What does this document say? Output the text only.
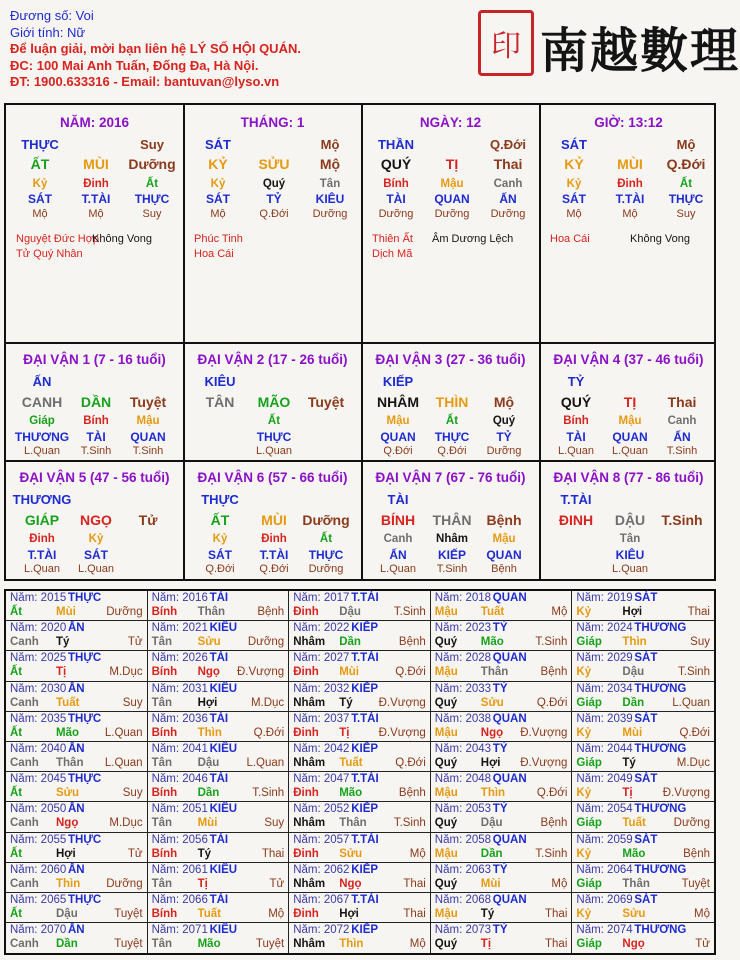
Đương số: Voi
Giới tính: Nữ
Để luận giải, mời bạn liên hệ LÝ SỐ HỘI QUÁN.
ĐC: 100 Mai Anh Tuấn, Đống Đa, Hà Nội.
ĐT: 1900.633316 - Email: bantuvan@lyso.vn
印 南越數理
NĂM: 2016
THỰC	Suy
ẤT MÙI Dưỡng
Kỷ	Đinh	Ất
SÁT T.TÀI THỰC
Mộ	Mộ	Suy
Nguyệt Đức Hợp
Không Vong
Tử Quý Nhân
THÁNG: 1
SÁT	Mộ
KỶ SỬU Mộ
Kỷ	Quý	Tân
SÁT	TỶ	KIÊU
Mộ	Q.Đới Dưỡng
Phúc Tinh
Hoa Cái
NGÀY: 12
THẦN	Q.Đới
QUÝ TỊ	Thai
Bính	Mậu	Canh
TÀI QUAN ẤN
Dưỡng Dưỡng Dưỡng
Thiên Ất Âm Dương Lệch
Dịch Mã
GIỜ: 13:12
SÁT	Mộ
KỶ MÙI Q.Đới
Kỷ	Đinh	Ất
SÁT T.TÀI THỰC
Mộ	Mộ	Suy
Hoa Cái	Không Vong
ĐẠI VẬN 1 (7 - 16 tuổi)
ẤN
CANH DẦN Tuyệt
Giáp Bính Mậu
THƯƠNG TÀI QUAN
L.Quan T.Sinh T.Sinh
ĐẠI VẬN 2 (17 - 26 tuổi)
KIÊU
TÂN MÃO Tuyệt
Ất
THỰC
L.Quan
ĐẠI VẬN 3 (27 - 36 tuổi)
KIẾP
NHÂM THÌN Mộ
Mậu	Ất	Quý
QUAN THỰC TỶ
Q.Đới Q.Đới Dưỡng
ĐẠI VẬN 4 (37 - 46 tuổi)
TỶ
QUÝ TỊ Thai
Bính	Mậu Canh
TÀI QUAN ẤN
L.Quan L.Quan T.Sinh
ĐẠI VẬN 5 (47 - 56 tuổi)
THƯƠNG
GIÁP NGỌ Tử
Đinh	Kỷ
T.TÀI SÁT
L.Quan L.Quan
ĐẠI VẬN 6 (57 - 66 tuổi)
THỰC
ẤT MÙI Dưỡng
Kỷ	Đinh	Ất
SÁT T.TÀI THỰC
Q.Đới Q.Đới Dưỡng
ĐẠI VẬN 7 (67 - 76 tuổi)
TÀI
BÍNH THÂN Bệnh
Canh Nhâm Mậu
ẤN	KIẾP QUAN
L.Quan T.Sinh Bệnh
ĐẠI VẬN 8 (77 - 86 tuổi)
T.TÀI
ĐINH DẬU T.Sinh
Tân
KIÊU
L.Quan
Năm: 2015 THỰC
Ất	Mùi	Dưỡng
Năm: 2016 TÀI
Bính Thân	Bệnh
Năm: 2017 T.TÀI
Đinh Dậu	T.Sinh
Năm: 2018 QUAN
Mậu Tuất	Mộ
Năm: 2019 SÁT
Kỷ	Hợi	Thai
Năm: 2020 ẤN
Canh Tý	Tử
Năm: 2021 KIÊU
Tân Sửu Dưỡng
Năm: 2022 KIẾP
Nhâm Dần	Bệnh
Năm: 2023 TỶ
Quý Mão	T.Sinh
Năm: 2024 THƯƠNG
Giáp Thìn	Suy
Năm: 2025 THỰC
Ất	Tị	M.Dục
Năm: 2026 TÀI
Bính Ngọ Đ.Vượng
Năm: 2027 T.TÀI
Đinh Mùi	Q.Đới
Năm: 2028 QUAN
Mậu Thân	Bệnh
Năm: 2029 SÁT
Kỷ	Dậu	T.Sinh
Năm: 2030 ẤN
Canh Tuất	Suy
Năm: 2031 KIÊU
Tân Hợi	M.Dục
Năm: 2032 KIẾP
Nhâm Tý Đ.Vượng
Năm: 2033 TỶ
Quý Sửu	Q.Đới
Năm: 2034 THƯƠNG
Giáp Dần L.Quan
Năm: 2035 THỰC
Ất	Mão L.Quan
Năm: 2036 TÀI
Bính Thìn	Q.Đới
Năm: 2037 T.TÀI
Đinh Tị	Đ.Vượng
Năm: 2038 QUAN
Mậu Ngọ Đ.Vượng
Năm: 2039 SÁT
Kỷ	Mùi	Q.Đới
Năm: 2040 ẤN
Canh Thân L.Quan
Năm: 2041 KIÊU
Tân Dậu L.Quan
Năm: 2042 KIẾP
Nhâm Tuất	Q.Đới
Năm: 2043 TỶ
Quý Hợi Đ.Vượng
Năm: 2044 THƯƠNG
Giáp Tý	M.Dục
Năm: 2045 THỰC
Ất	Sửu	Suy
Năm: 2046 TÀI
Bính Dần	T.Sinh
Năm: 2047 T.TÀI
Đinh Mão	Bệnh
Năm: 2048 QUAN
Mậu Thìn	Q.Đới
Năm: 2049 SÁT
Kỷ	Tị	Đ.Vượng
Năm: 2050 ẤN
Canh Ngọ	M.Dục
Năm: 2051 KIÊU
Tân Mùi	Suy
Năm: 2052 KIẾP
Nhâm Thân T.Sinh
Năm: 2053 TỶ
Quý Dậu	Bệnh
Năm: 2054 THƯƠNG
Giáp Tuất Dưỡng
Năm: 2055 THỰC
Ất	Hợi	Tử
Năm: 2056 TÀI
Bính Tý	Thai
Năm: 2057 T.TÀI
Đinh Sửu	Mộ
Năm: 2058 QUAN
Mậu Dần	T.Sinh
Năm: 2059 SÁT
Kỷ	Mão	Bệnh
Năm: 2060 ẤN
Canh Thìn Dưỡng
Năm: 2061 KIÊU
Tân Tị	Tử
Năm: 2062 KIẾP
Nhâm Ngọ	Thai
Năm: 2063 TỶ
Quý Mùi	Mộ
Năm: 2064 THƯƠNG
Giáp Thân	Tuyệt
Năm: 2065 THỰC
Ất	Dậu	Tuyệt
Năm: 2066 TÀI
Bính Tuất	Mộ
Năm: 2067 T.TÀI
Đinh Hợi	Thai
Năm: 2068 QUAN
Mậu Tý	Thai
Năm: 2069 SÁT
Kỷ	Sửu	Mộ
Năm: 2070 ẤN
Canh Dần	Tuyệt
Năm: 2071 KIÊU
Tân Mão	Tuyệt
Năm: 2072 KIẾP
Nhâm Thìn	Mộ
Năm: 2073 TỶ
Quý Tị	Thai
Năm: 2074 THƯƠNG
Giáp Ngọ	Tử
